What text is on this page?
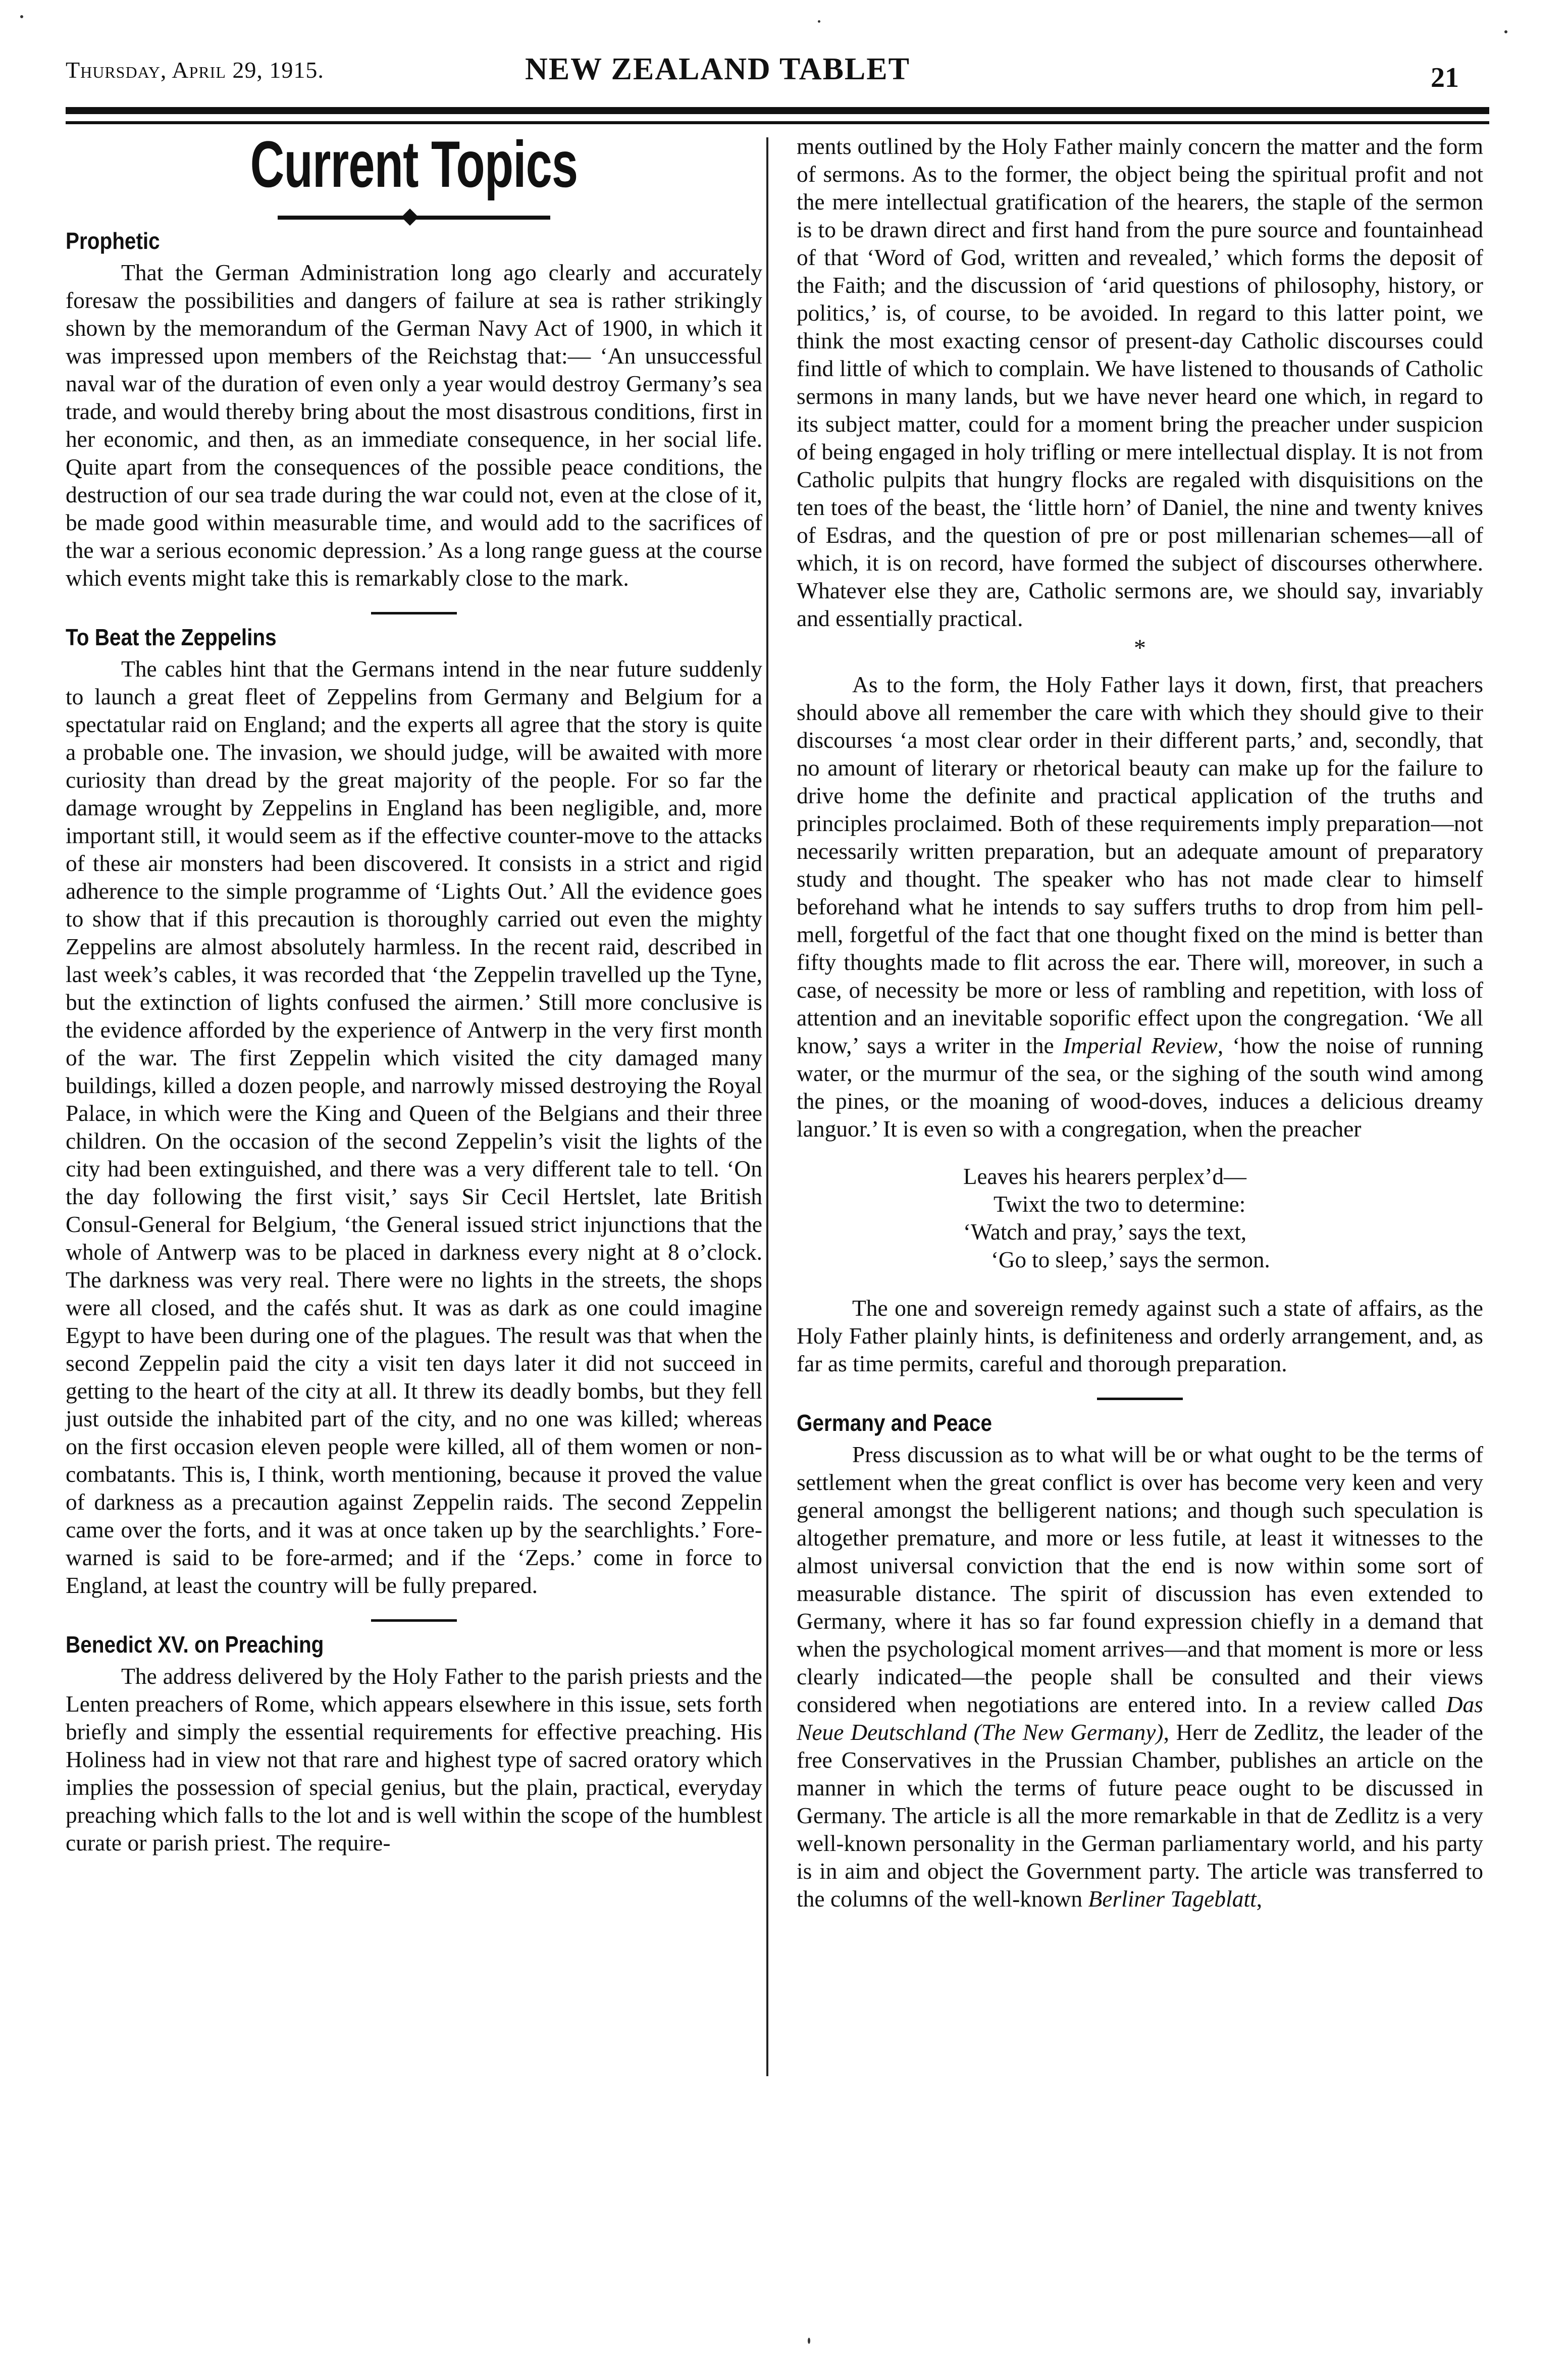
Thursday, April 29, 1915.	NEW ZEALAND TABLET	21
Current Topics
Prophetic

That the German Administration long ago clearly and accurately foresaw the possibilities and dangers of failure at sea is rather strikingly shown by the memorandum of the German Navy Act of 1900, in which it was impressed upon members of the Reichstag that:— ‘An unsuccessful naval war of the duration of even only a year would destroy Germany’s sea trade, and would thereby bring about the most disastrous conditions, first in her economic, and then, as an immediate consequence, in her social life. Quite apart from the consequences of the possible peace conditions, the destruction of our sea trade during the war could not, even at the close of it, be made good within measurable time, and would add to the sacrifices of the war a serious economic depression.’ As a long range guess at the course which events might take this is remarkably close to the mark.

To Beat the Zeppelins

The cables hint that the Germans intend in the near future suddenly to launch a great fleet of Zeppelins from Germany and Belgium for a spectatular raid on England; and the experts all agree that the story is quite a probable one. The invasion, we should judge, will be awaited with more curiosity than dread by the great majority of the people. For so far the damage wrought by Zeppelins in England has been negligible, and, more important still, it would seem as if the effective counter-move to the attacks of these air monsters had been discovered. It consists in a strict and rigid adherence to the simple programme of ‘Lights Out.’ All the evidence goes to show that if this precaution is thoroughly carried out even the mighty Zeppelins are almost absolutely harmless. In the recent raid, described in last week’s cables, it was recorded that ‘the Zeppelin travelled up the Tyne, but the extinction of lights confused the airmen.’ Still more conclusive is the evidence afforded by the experience of Antwerp in the very first month of the war. The first Zeppelin which visited the city damaged many buildings, killed a dozen people, and narrowly missed destroying the Royal Palace, in which were the King and Queen of the Belgians and their three children. On the occasion of the second Zeppelin’s visit the lights of the city had been extinguished, and there was a very different tale to tell. ‘On the day following the first visit,’ says Sir Cecil Hertslet, late British Consul-General for Belgium, ‘the General issued strict injunctions that the whole of Antwerp was to be placed in darkness every night at 8 o’clock. The darkness was very real. There were no lights in the streets, the shops were all closed, and the cafés shut. It was as dark as one could imagine Egypt to have been during one of the plagues. The result was that when the second Zeppelin paid the city a visit ten days later it did not succeed in getting to the heart of the city at all. It threw its deadly bombs, but they fell just outside the inhabited part of the city, and no one was killed; whereas on the first occasion eleven people were killed, all of them women or non-combatants. This is, I think, worth mentioning, because it proved the value of darkness as a precaution against Zeppelin raids. The second Zeppelin came over the forts, and it was at once taken up by the searchlights.’ Fore-warned is said to be fore-armed; and if the ‘Zeps.’ come in force to England, at least the country will be fully prepared.

Benedict XV. on Preaching

The address delivered by the Holy Father to the parish priests and the Lenten preachers of Rome, which appears elsewhere in this issue, sets forth briefly and simply the essential requirements for effective preaching. His Holiness had in view not that rare and highest type of sacred oratory which implies the possession of special genius, but the plain, practical, everyday preaching which falls to the lot and is well within the scope of the humblest curate or parish priest. The require-

ments outlined by the Holy Father mainly concern the matter and the form of sermons. As to the former, the object being the spiritual profit and not the mere intellectual gratification of the hearers, the staple of the sermon is to be drawn direct and first hand from the pure source and fountainhead of that ‘Word of God, written and revealed,’ which forms the deposit of the Faith; and the discussion of ‘arid questions of philosophy, history, or politics,’ is, of course, to be avoided. In regard to this latter point, we think the most exacting censor of present-day Catholic discourses could find little of which to complain. We have listened to thousands of Catholic sermons in many lands, but we have never heard one which, in regard to its subject matter, could for a moment bring the preacher under suspicion of being engaged in holy trifling or mere intellectual display. It is not from Catholic pulpits that hungry flocks are regaled with disquisitions on the ten toes of the beast, the ‘little horn’ of Daniel, the nine and twenty knives of Esdras, and the question of pre or post millenarian schemes—all of which, it is on record, have formed the subject of discourses otherwhere. Whatever else they are, Catholic sermons are, we should say, invariably and essentially practical.

*

As to the form, the Holy Father lays it down, first, that preachers should above all remember the care with which they should give to their discourses ‘a most clear order in their different parts,’ and, secondly, that no amount of literary or rhetorical beauty can make up for the failure to drive home the definite and practical application of the truths and principles proclaimed. Both of these requirements imply preparation—not necessarily written preparation, but an adequate amount of preparatory study and thought. The speaker who has not made clear to himself beforehand what he intends to say suffers truths to drop from him pell-mell, forgetful of the fact that one thought fixed on the mind is better than fifty thoughts made to flit across the ear. There will, moreover, in such a case, of necessity be more or less of rambling and repetition, with loss of attention and an inevitable soporific effect upon the congregation. ‘We all know,’ says a writer in the Imperial Review, ‘how the noise of running water, or the murmur of the sea, or the sighing of the south wind among the pines, or the moaning of wood-doves, induces a delicious dreamy languor.’ It is even so with a congregation, when the preacher

Leaves his hearers perplex’d—
Twixt the two to determine:
‘Watch and pray,’ says the text,
‘Go to sleep,’ says the sermon.

The one and sovereign remedy against such a state of affairs, as the Holy Father plainly hints, is definiteness and orderly arrangement, and, as far as time permits, careful and thorough preparation.

Germany and Peace

Press discussion as to what will be or what ought to be the terms of settlement when the great conflict is over has become very keen and very general amongst the belligerent nations; and though such speculation is altogether premature, and more or less futile, at least it witnesses to the almost universal conviction that the end is now within some sort of measurable distance. The spirit of discussion has even extended to Germany, where it has so far found expression chiefly in a demand that when the psychological moment arrives—and that moment is more or less clearly indicated—the people shall be consulted and their views considered when negotiations are entered into. In a review called Das Neue Deutschland (The New Germany), Herr de Zedlitz, the leader of the free Conservatives in the Prussian Chamber, publishes an article on the manner in which the terms of future peace ought to be discussed in Germany. The article is all the more remarkable in that de Zedlitz is a very well-known personality in the German parliamentary world, and his party is in aim and object the Government party. The article was transferred to the columns of the well-known Berliner Tageblatt,
